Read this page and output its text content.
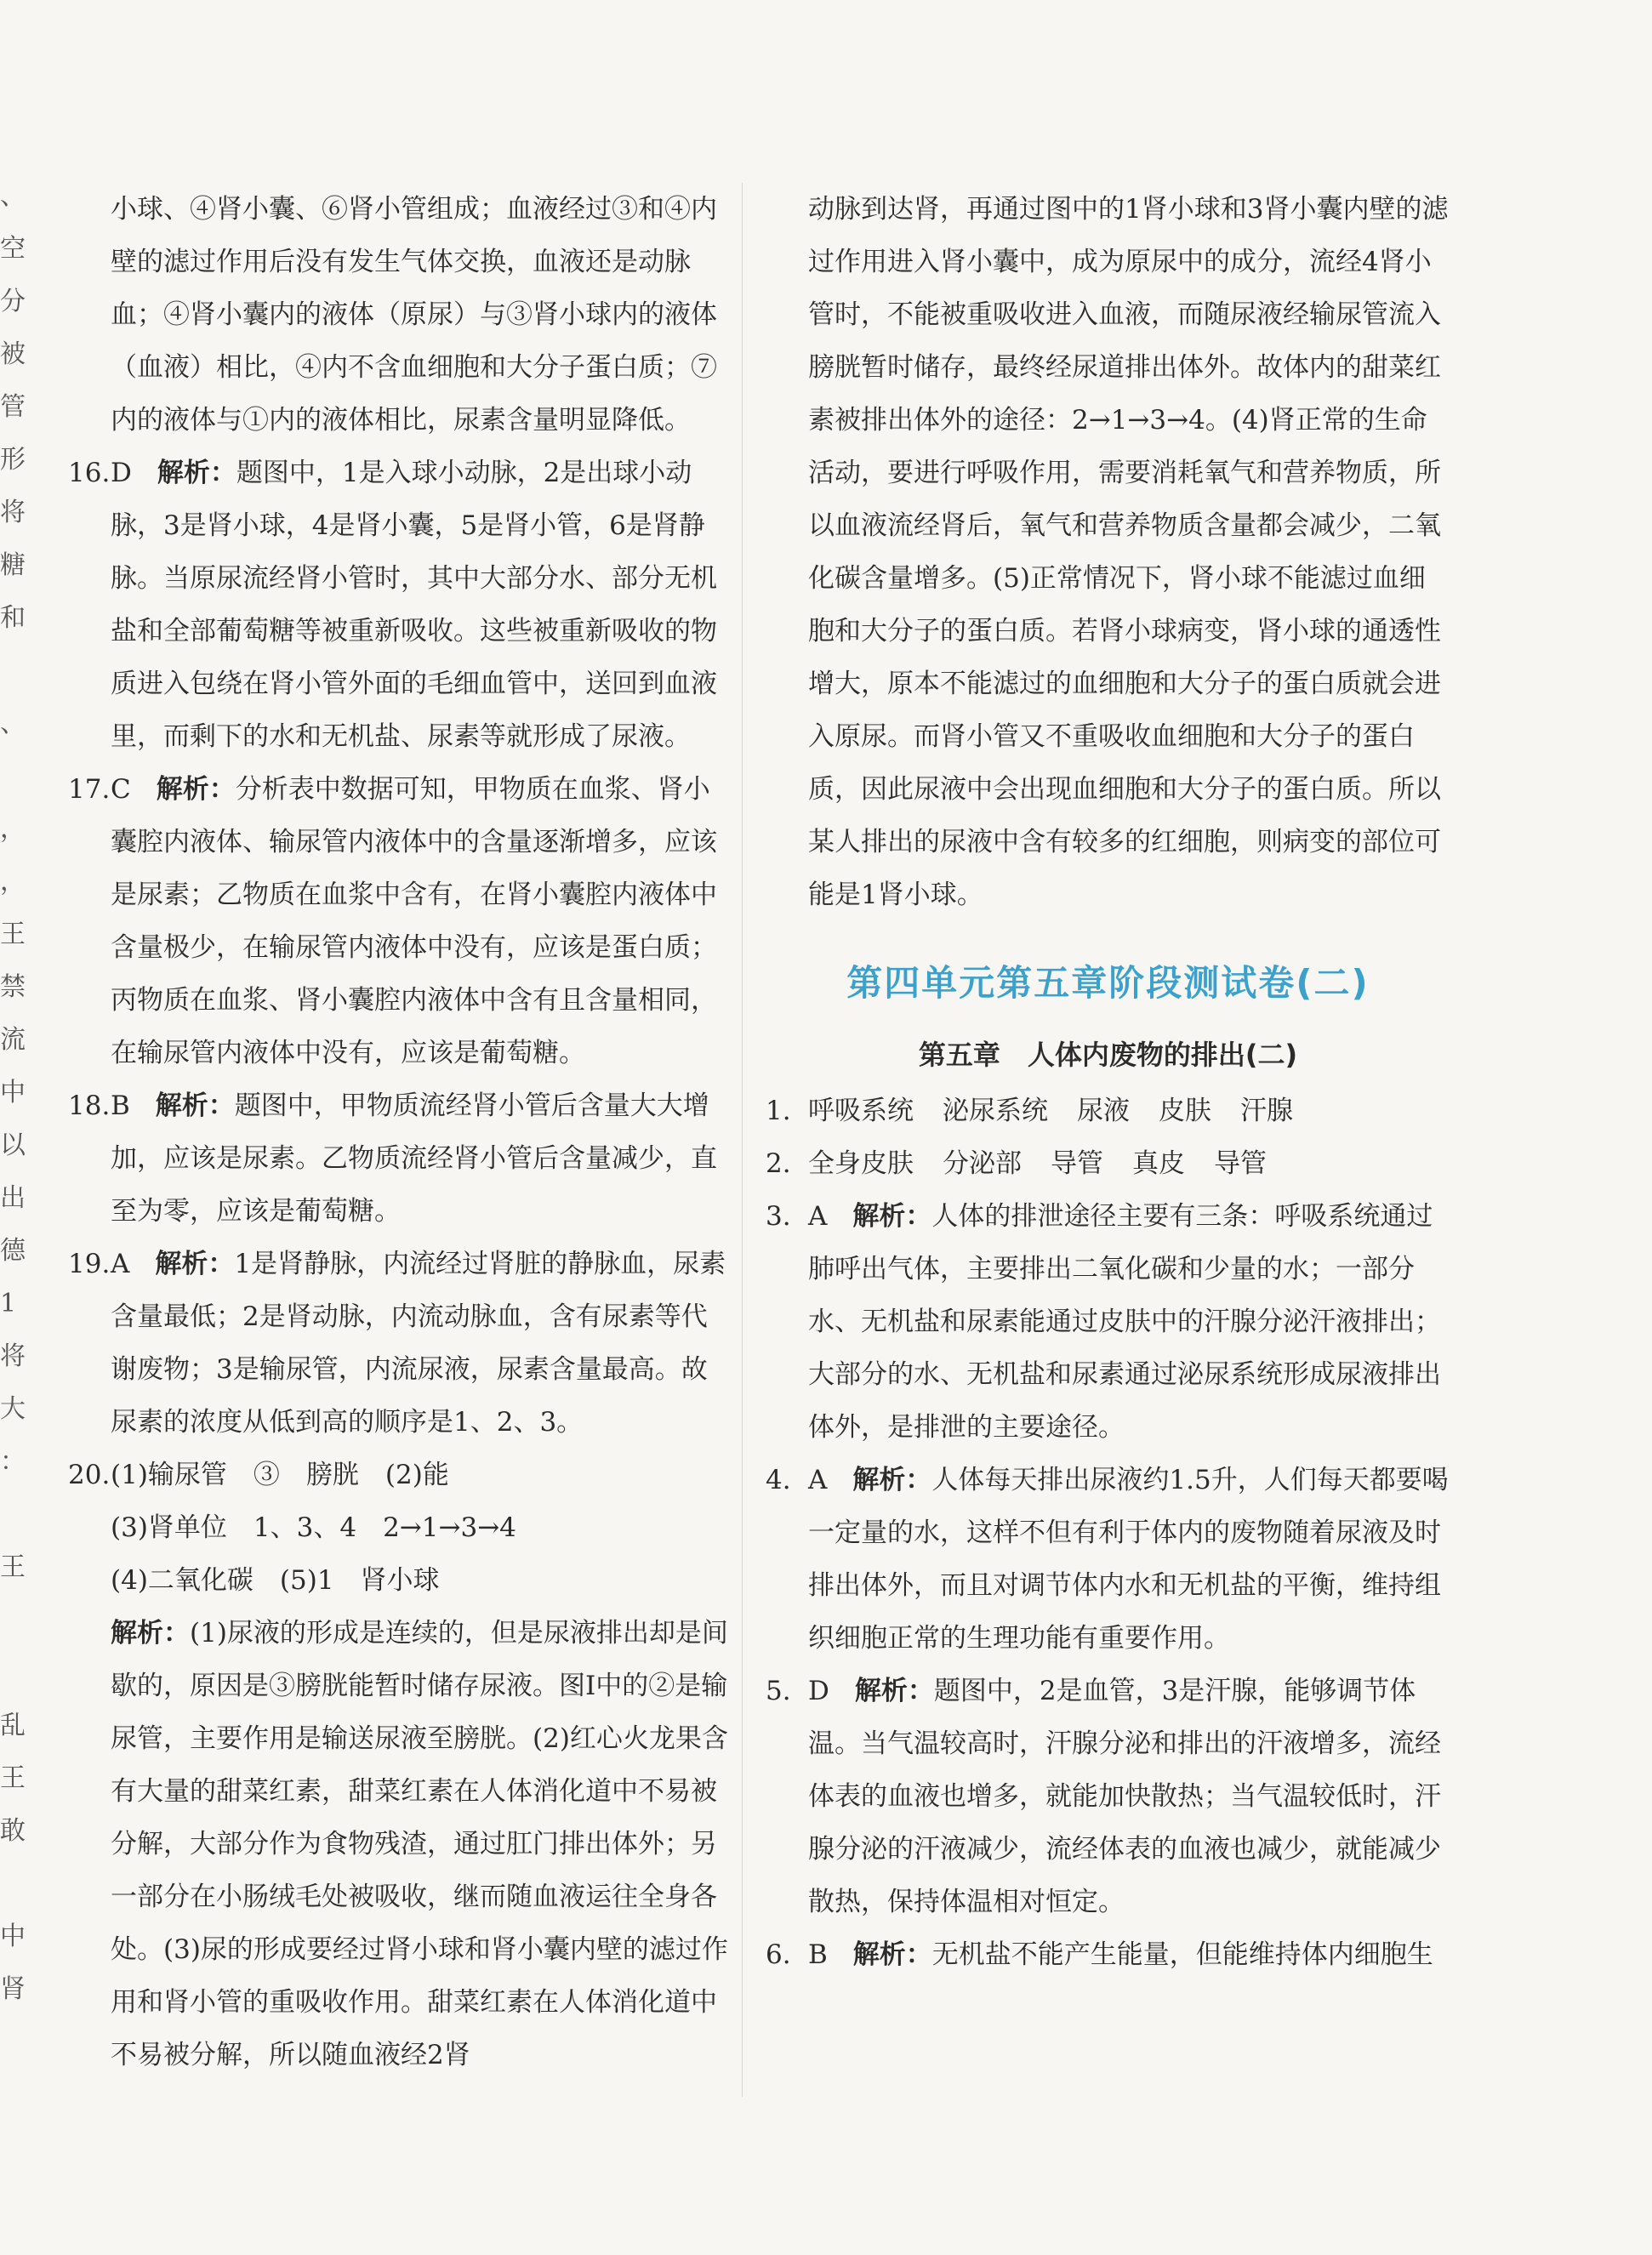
、
空
分
被
管
形
将
糖
和
、
，
，
王
禁
流
中
以
出
德
1
将
大
：
王
乱
王
敢
中
肾

小球、④肾小囊、⑥肾小管组成；血液经过③和④内壁的滤过作用后没有发生气体交换，血液还是动脉血；④肾小囊内的液体（原尿）与③肾小球内的液体（血液）相比，④内不含血细胞和大分子蛋白质；⑦内的液体与①内的液体相比，尿素含量明显降低。

16.D 解析：题图中，1是入球小动脉，2是出球小动脉，3是肾小球，4是肾小囊，5是肾小管，6是肾静脉。当原尿流经肾小管时，其中大部分水、部分无机盐和全部葡萄糖等被重新吸收。这些被重新吸收的物质进入包绕在肾小管外面的毛细血管中，送回到血液里，而剩下的水和无机盐、尿素等就形成了尿液。
17.C 解析：分析表中数据可知，甲物质在血浆、肾小囊腔内液体、输尿管内液体中的含量逐渐增多，应该是尿素；乙物质在血浆中含有，在肾小囊腔内液体中含量极少，在输尿管内液体中没有，应该是蛋白质；丙物质在血浆、肾小囊腔内液体中含有且含量相同，在输尿管内液体中没有，应该是葡萄糖。
18.B 解析：题图中，甲物质流经肾小管后含量大大增加，应该是尿素。乙物质流经肾小管后含量减少，直至为零，应该是葡萄糖。
19.A 解析：1是肾静脉，内流经过肾脏的静脉血，尿素含量最低；2是肾动脉，内流动脉血，含有尿素等代谢废物；3是输尿管，内流尿液，尿素含量最高。故尿素的浓度从低到高的顺序是1、2、3。
20.(1)输尿管　③　膀胱　(2)能

(3)肾单位　1、3、4　2→1→3→4

(4)二氧化碳　(5)1　肾小球

解析：(1)尿液的形成是连续的，但是尿液排出却是间歇的，原因是③膀胱能暂时储存尿液。图Ⅰ中的②是输尿管，主要作用是输送尿液至膀胱。(2)红心火龙果含有大量的甜菜红素，甜菜红素在人体消化道中不易被分解，大部分作为食物残渣，通过肛门排出体外；另一部分在小肠绒毛处被吸收，继而随血液运往全身各处。(3)尿的形成要经过肾小球和肾小囊内壁的滤过作用和肾小管的重吸收作用。甜菜红素在人体消化道中不易被分解，所以随血液经2肾

动脉到达肾，再通过图中的1肾小球和3肾小囊内壁的滤过作用进入肾小囊中，成为原尿中的成分，流经4肾小管时，不能被重吸收进入血液，而随尿液经输尿管流入膀胱暂时储存，最终经尿道排出体外。故体内的甜菜红素被排出体外的途径：2→1→3→4。(4)肾正常的生命活动，要进行呼吸作用，需要消耗氧气和营养物质，所以血液流经肾后，氧气和营养物质含量都会减少，二氧化碳含量增多。(5)正常情况下，肾小球不能滤过血细胞和大分子的蛋白质。若肾小球病变，肾小球的通透性增大，原本不能滤过的血细胞和大分子的蛋白质就会进入原尿。而肾小管又不重吸收血细胞和大分子的蛋白质，因此尿液中会出现血细胞和大分子的蛋白质。所以某人排出的尿液中含有较多的红细胞，则病变的部位可能是1肾小球。

第四单元第五章阶段测试卷(二)
第五章　人体内废物的排出(二)
1. 呼吸系统 泌尿系统 尿液 皮肤 汗腺
2. 全身皮肤 分泌部 导管 真皮 导管
3. A 解析：人体的排泄途径主要有三条：呼吸系统通过肺呼出气体，主要排出二氧化碳和少量的水；一部分水、无机盐和尿素能通过皮肤中的汗腺分泌汗液排出；大部分的水、无机盐和尿素通过泌尿系统形成尿液排出体外，是排泄的主要途径。
4. A 解析：人体每天排出尿液约1.5升，人们每天都要喝一定量的水，这样不但有利于体内的废物随着尿液及时排出体外，而且对调节体内水和无机盐的平衡，维持组织细胞正常的生理功能有重要作用。
5. D 解析：题图中，2是血管，3是汗腺，能够调节体温。当气温较高时，汗腺分泌和排出的汗液增多，流经体表的血液也增多，就能加快散热；当气温较低时，汗腺分泌的汗液减少，流经体表的血液也减少，就能减少散热，保持体温相对恒定。
6. B 解析：无机盐不能产生能量，但能维持体内细胞生
